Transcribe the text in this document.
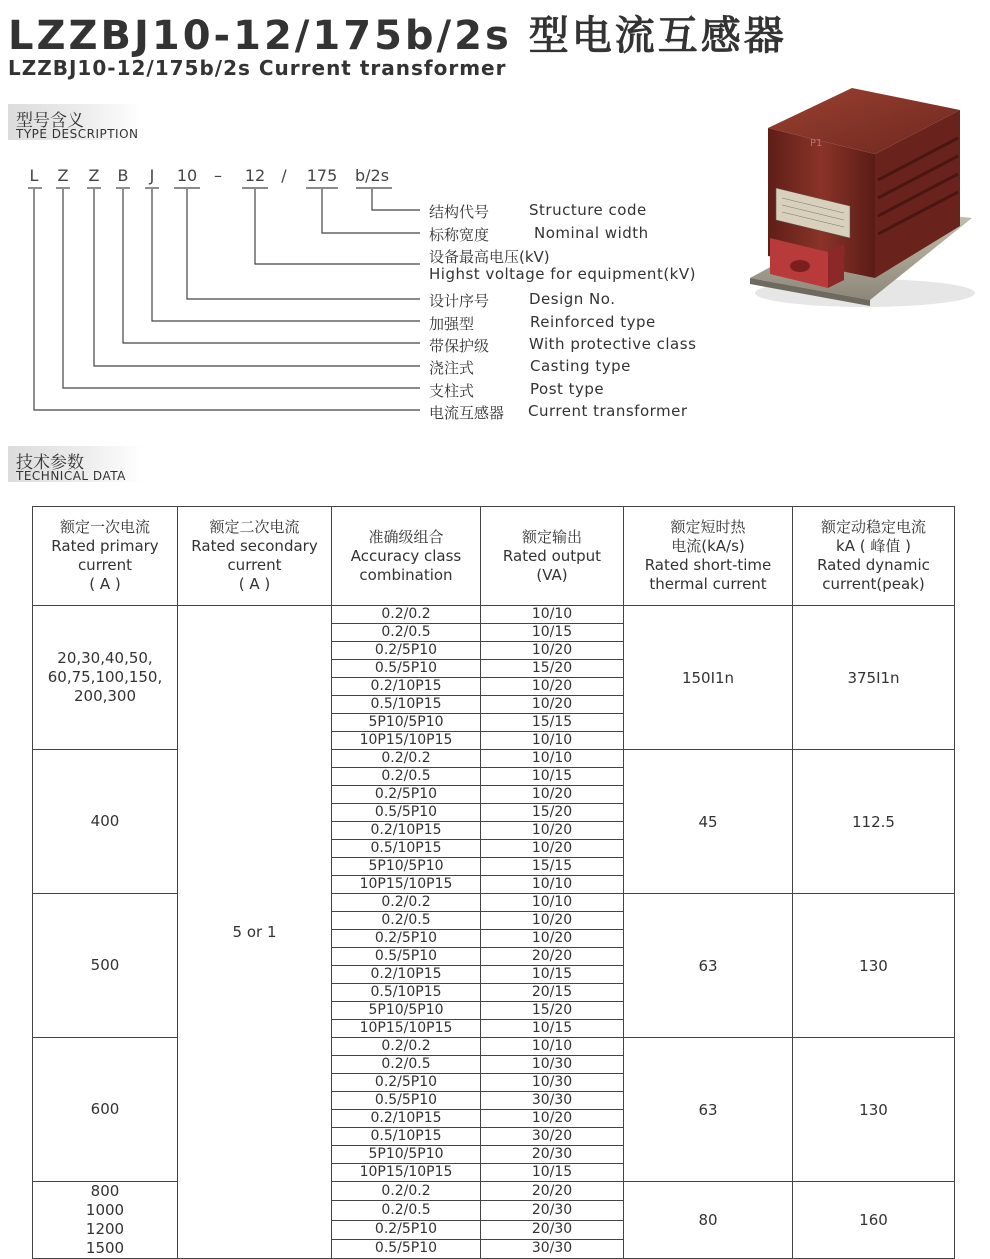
LZZBJ10-12/175b/2s 型电流互感器
LZZBJ10-12/175b/2s Current transformer
型号含义
TYPE DESCRIPTION
L	Z	Z	B	J	10	–	12	/	175 b/2s
结构代号	Structure code
标称宽度	Nominal width
设备最高电压(kV)
Highst voltage for equipment(kV)
设计序号	Design No.
加强型	Reinforced type
带保护级	With protective class
浇注式	Casting type
支柱式	Post type
电流互感器 Current transformer
P1
技术参数
TECHNICAL DATA
额定一次电流
Rated primary
current
( A )	额定二次电流
Rated secondary
current
( A )	准确级组合
Accuracy class
combination	额定输出
Rated output
(VA)	额定短时热
电流(kA/s)
Rated short-time
thermal current	额定动稳定电流
kA ( 峰值 )
Rated dynamic
current(peak)

20,30,40,50,
60,75,100,150,
200,300	5 or 1	0.2/0.2	10/10	150I1n	375I1n
		0.2/0.5	10/15		
		0.2/5P10	10/20		
		0.5/5P10	15/20		
		0.2/10P15	10/20		
		0.5/10P15	10/20		
		5P10/5P10	15/15		
		10P15/10P15	10/10		

400		0.2/0.2	10/10	45	112.5
		0.2/0.5	10/15		
		0.2/5P10	10/20		
		0.5/5P10	15/20		
		0.2/10P15	10/20		
		0.5/10P15	10/20		
		5P10/5P10	15/15		
		10P15/10P15	10/10		

500		0.2/0.2	10/10	63	130
		0.2/0.5	10/20		
		0.2/5P10	10/20		
		0.5/5P10	20/20		
		0.2/10P15	10/15		
		0.5/10P15	20/15		
		5P10/5P10	15/20		
		10P15/10P15	10/15		

600		0.2/0.2	10/10	63	130
		0.2/0.5	10/30		
		0.2/5P10	10/30		
		0.5/5P10	30/30		
		0.2/10P15	10/20		
		0.5/10P15	30/20		
		5P10/5P10	20/30		
		10P15/10P15	10/15		

800
1000
1200
1500		0.2/0.2	20/20	80	160
		0.2/0.5	20/30		
		0.2/5P10	20/30		
		0.5/5P10	30/30		
